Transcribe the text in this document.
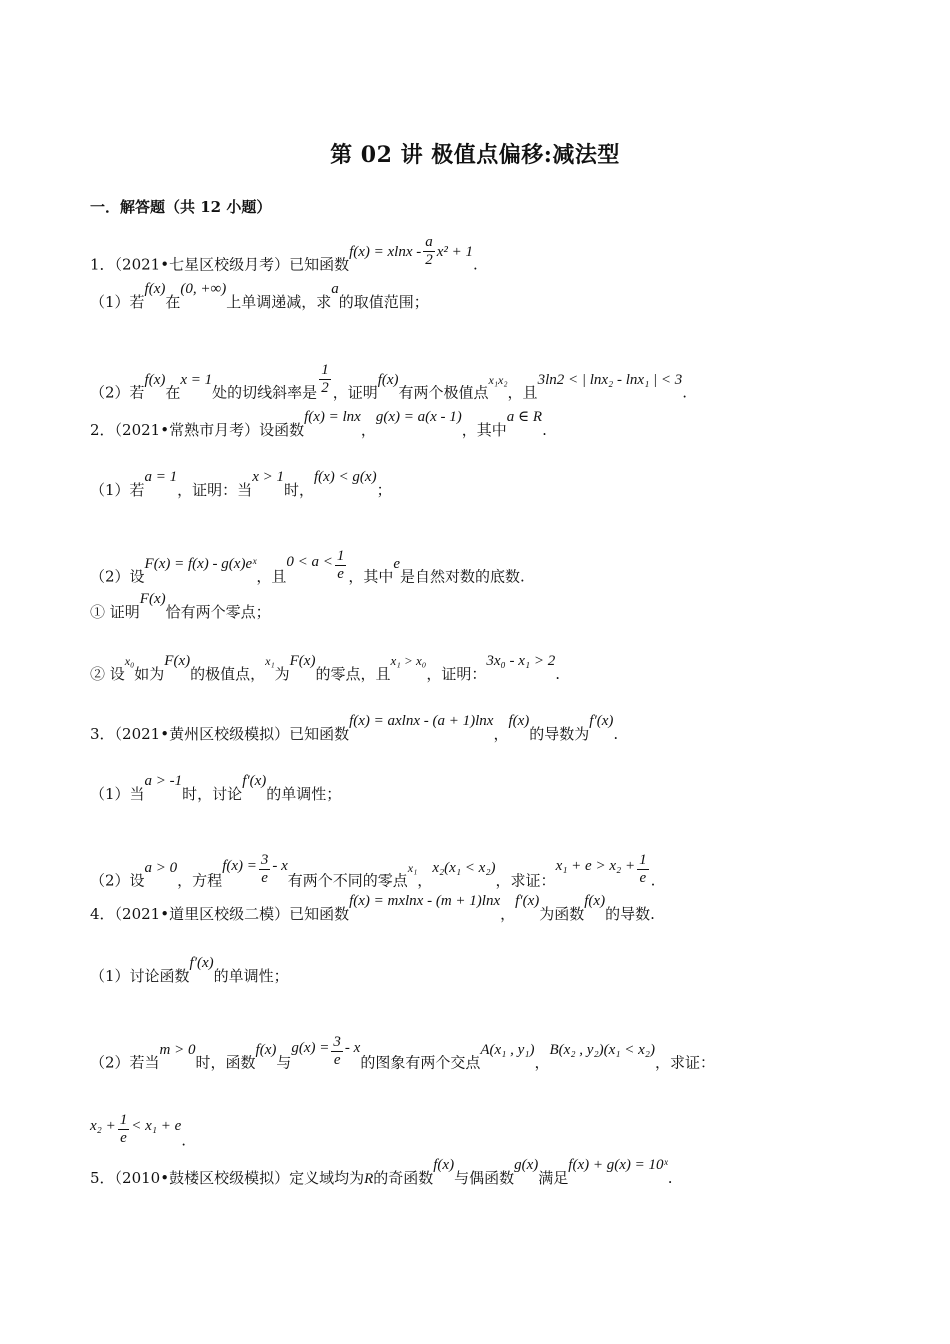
第 02 讲 极值点偏移:减法型
一．解答题（共 12 小题）
1．（2021•七星区校级月考）已知函数$f(x) = xlnx - \frac{a}{2} x^2 + 1$.
（1）若f(x)在(0, +∞)上单调递减，求a的取值范围；
（2）若f(x)在x = 1处的切线斜率是 $\frac{1}{2}$ ，证明f(x)有两个极值点$^{x_1x_2}$，且3ln2 < | lnx₂ - lnx₁ | < 3.
2．（2021•常熟市月考）设函数f(x) = lnx，g(x) = a(x - 1)，其中a ∈ R.
（1）若a = 1，证明：当x > 1时，f(x) < g(x)；
（2）设F(x) = f(x) - g(x)eˣ，且$0 < a < \frac{1}{e}$ ，其中e是自然对数的底数.
① 证明F(x)恰有两个零点；
② 设$^{x_0}$如为F(x)的极值点，$^{x_1}$为F(x)的零点，且x₁ > x₀，证明：3x₀ - x₁ > 2.
3．（2021•黄州区校级模拟）已知函数f(x) = axlnx - (a + 1)lnx，f(x)的导数为f′(x).
（1）当a > -1时，讨论f′(x)的单调性；
（2）设a > 0，方程$f(x) = \frac{3}{e} - x$有两个不同的零点$^{x_1}$，x₂(x₁ < x₂)，求证：$x_1 + e > x_2 + \frac{1}{e}$ .
4．（2021•道里区校级二模）已知函数f(x) = mxlnx - (m + 1)lnx，f′(x)为函数f(x)的导数.
（1）讨论函数f′(x)的单调性；
（2）若当m > 0时，函数f(x)与$g(x) = \frac{3}{e} - x$的图象有两个交点A(x₁ , y₁)，B(x₂ , y₂)(x₁ < x₂)，求证：
$x_2 + \frac{1}{e} < x_1 + e$.
5．（2010•鼓楼区校级模拟）定义域均为R的奇函数f(x)与偶函数g(x)满足f(x) + g(x) = 10ˣ.
